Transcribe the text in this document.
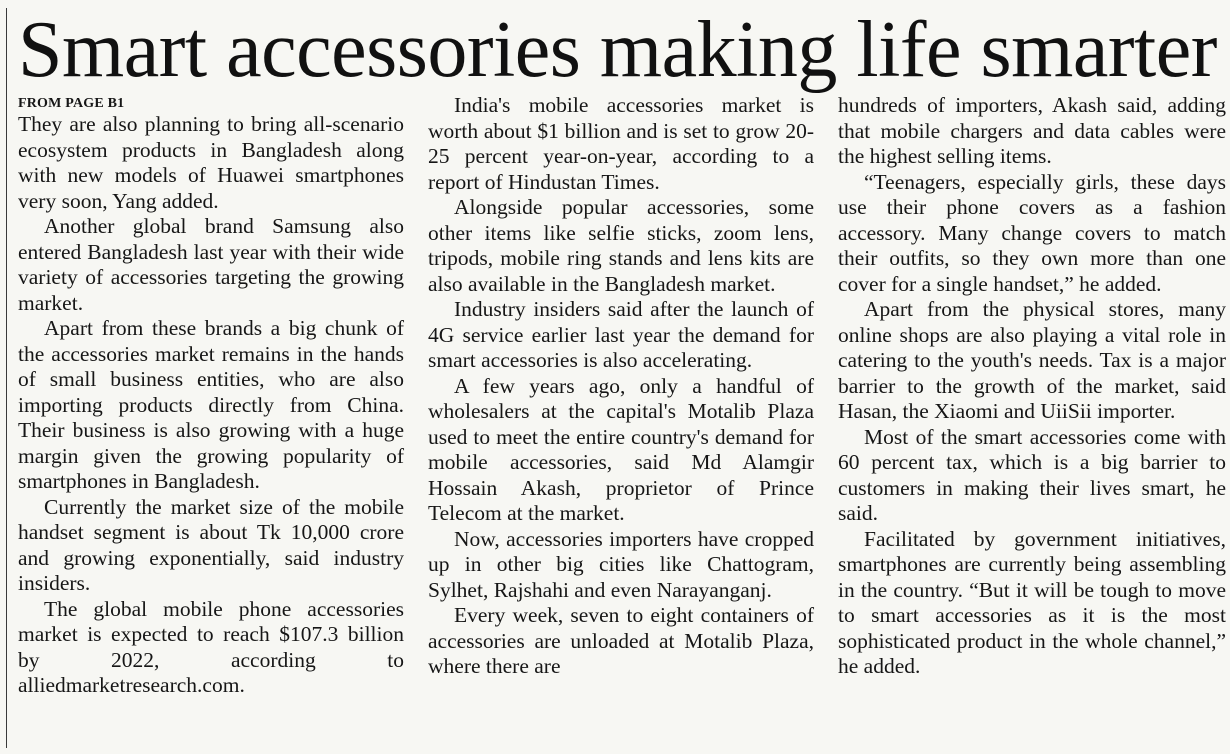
Smart accessories making life smarter
FROM PAGE B1

They are also planning to bring all-scenario ecosystem products in Bangladesh along with new models of Huawei smartphones very soon, Yang added.

Another global brand Samsung also entered Bangladesh last year with their wide variety of accessories targeting the growing market.

Apart from these brands a big chunk of the accessories market remains in the hands of small business entities, who are also importing products directly from China. Their business is also growing with a huge margin given the growing popularity of smartphones in Bangladesh.

Currently the market size of the mobile handset segment is about Tk 10,000 crore and growing exponentially, said industry insiders.

The global mobile phone accessories market is expected to reach $107.3 billion by 2022, according to alliedmarketresearch.com.

India's mobile accessories market is worth about $1 billion and is set to grow 20-25 percent year-on-year, according to a report of Hindustan Times.

Alongside popular accessories, some other items like selfie sticks, zoom lens, tripods, mobile ring stands and lens kits are also available in the Bangladesh market.

Industry insiders said after the launch of 4G service earlier last year the demand for smart accessories is also accelerating.

A few years ago, only a handful of wholesalers at the capital's Motalib Plaza used to meet the entire country's demand for mobile accessories, said Md Alamgir Hossain Akash, proprietor of Prince Telecom at the market.

Now, accessories importers have cropped up in other big cities like Chattogram, Sylhet, Rajshahi and even Narayanganj.

Every week, seven to eight containers of accessories are unloaded at Motalib Plaza, where there are

hundreds of importers, Akash said, adding that mobile chargers and data cables were the highest selling items.

“Teenagers, especially girls, these days use their phone covers as a fashion accessory. Many change covers to match their outfits, so they own more than one cover for a single handset,” he added.

Apart from the physical stores, many online shops are also playing a vital role in catering to the youth's needs. Tax is a major barrier to the growth of the market, said Hasan, the Xiaomi and UiiSii importer.

Most of the smart accessories come with 60 percent tax, which is a big barrier to customers in making their lives smart, he said.

Facilitated by government initiatives, smartphones are currently being assembling in the country. “But it will be tough to move to smart accessories as it is the most sophisticated product in the whole channel,” he added.
